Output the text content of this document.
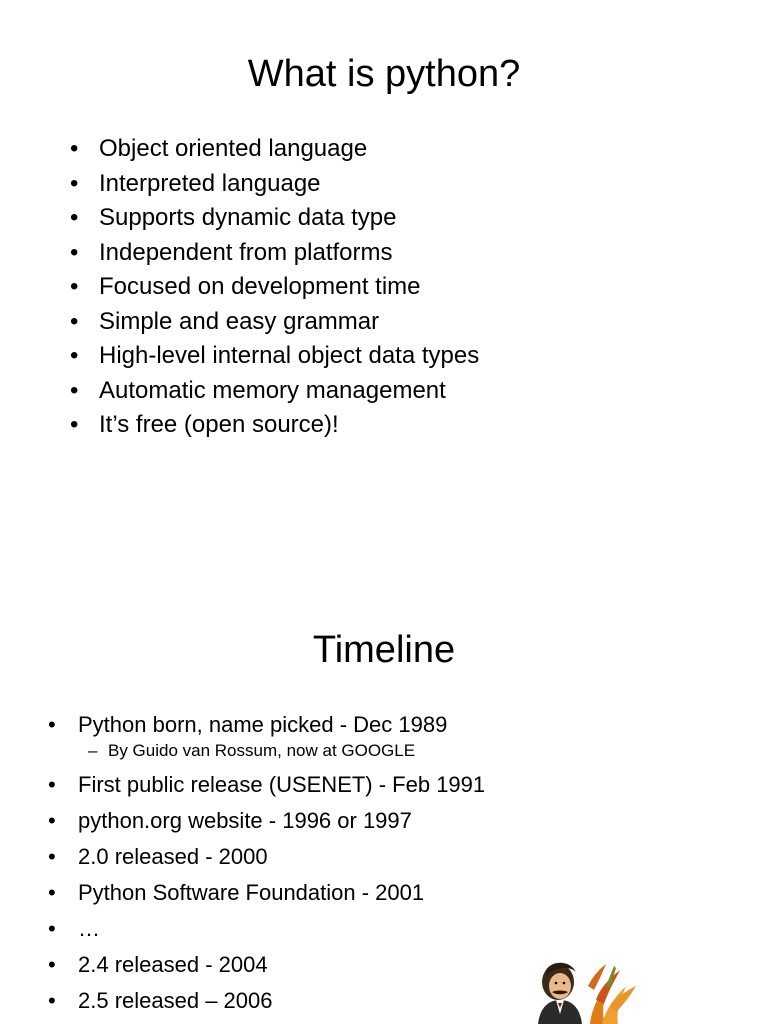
What is python?
• Object oriented language
• Interpreted language
• Supports dynamic data type
• Independent from platforms
• Focused on development time
• Simple and easy grammar
• High-level internal object data types
• Automatic memory management
• It’s free (open source)!
Timeline
• Python born, name picked - Dec 1989
– By Guido van Rossum, now at GOOGLE
• First public release (USENET) - Feb 1991
• python.org website - 1996 or 1997
• 2.0 released - 2000
• Python Software Foundation - 2001
• …
• 2.4 released - 2004
• 2.5 released – 2006
